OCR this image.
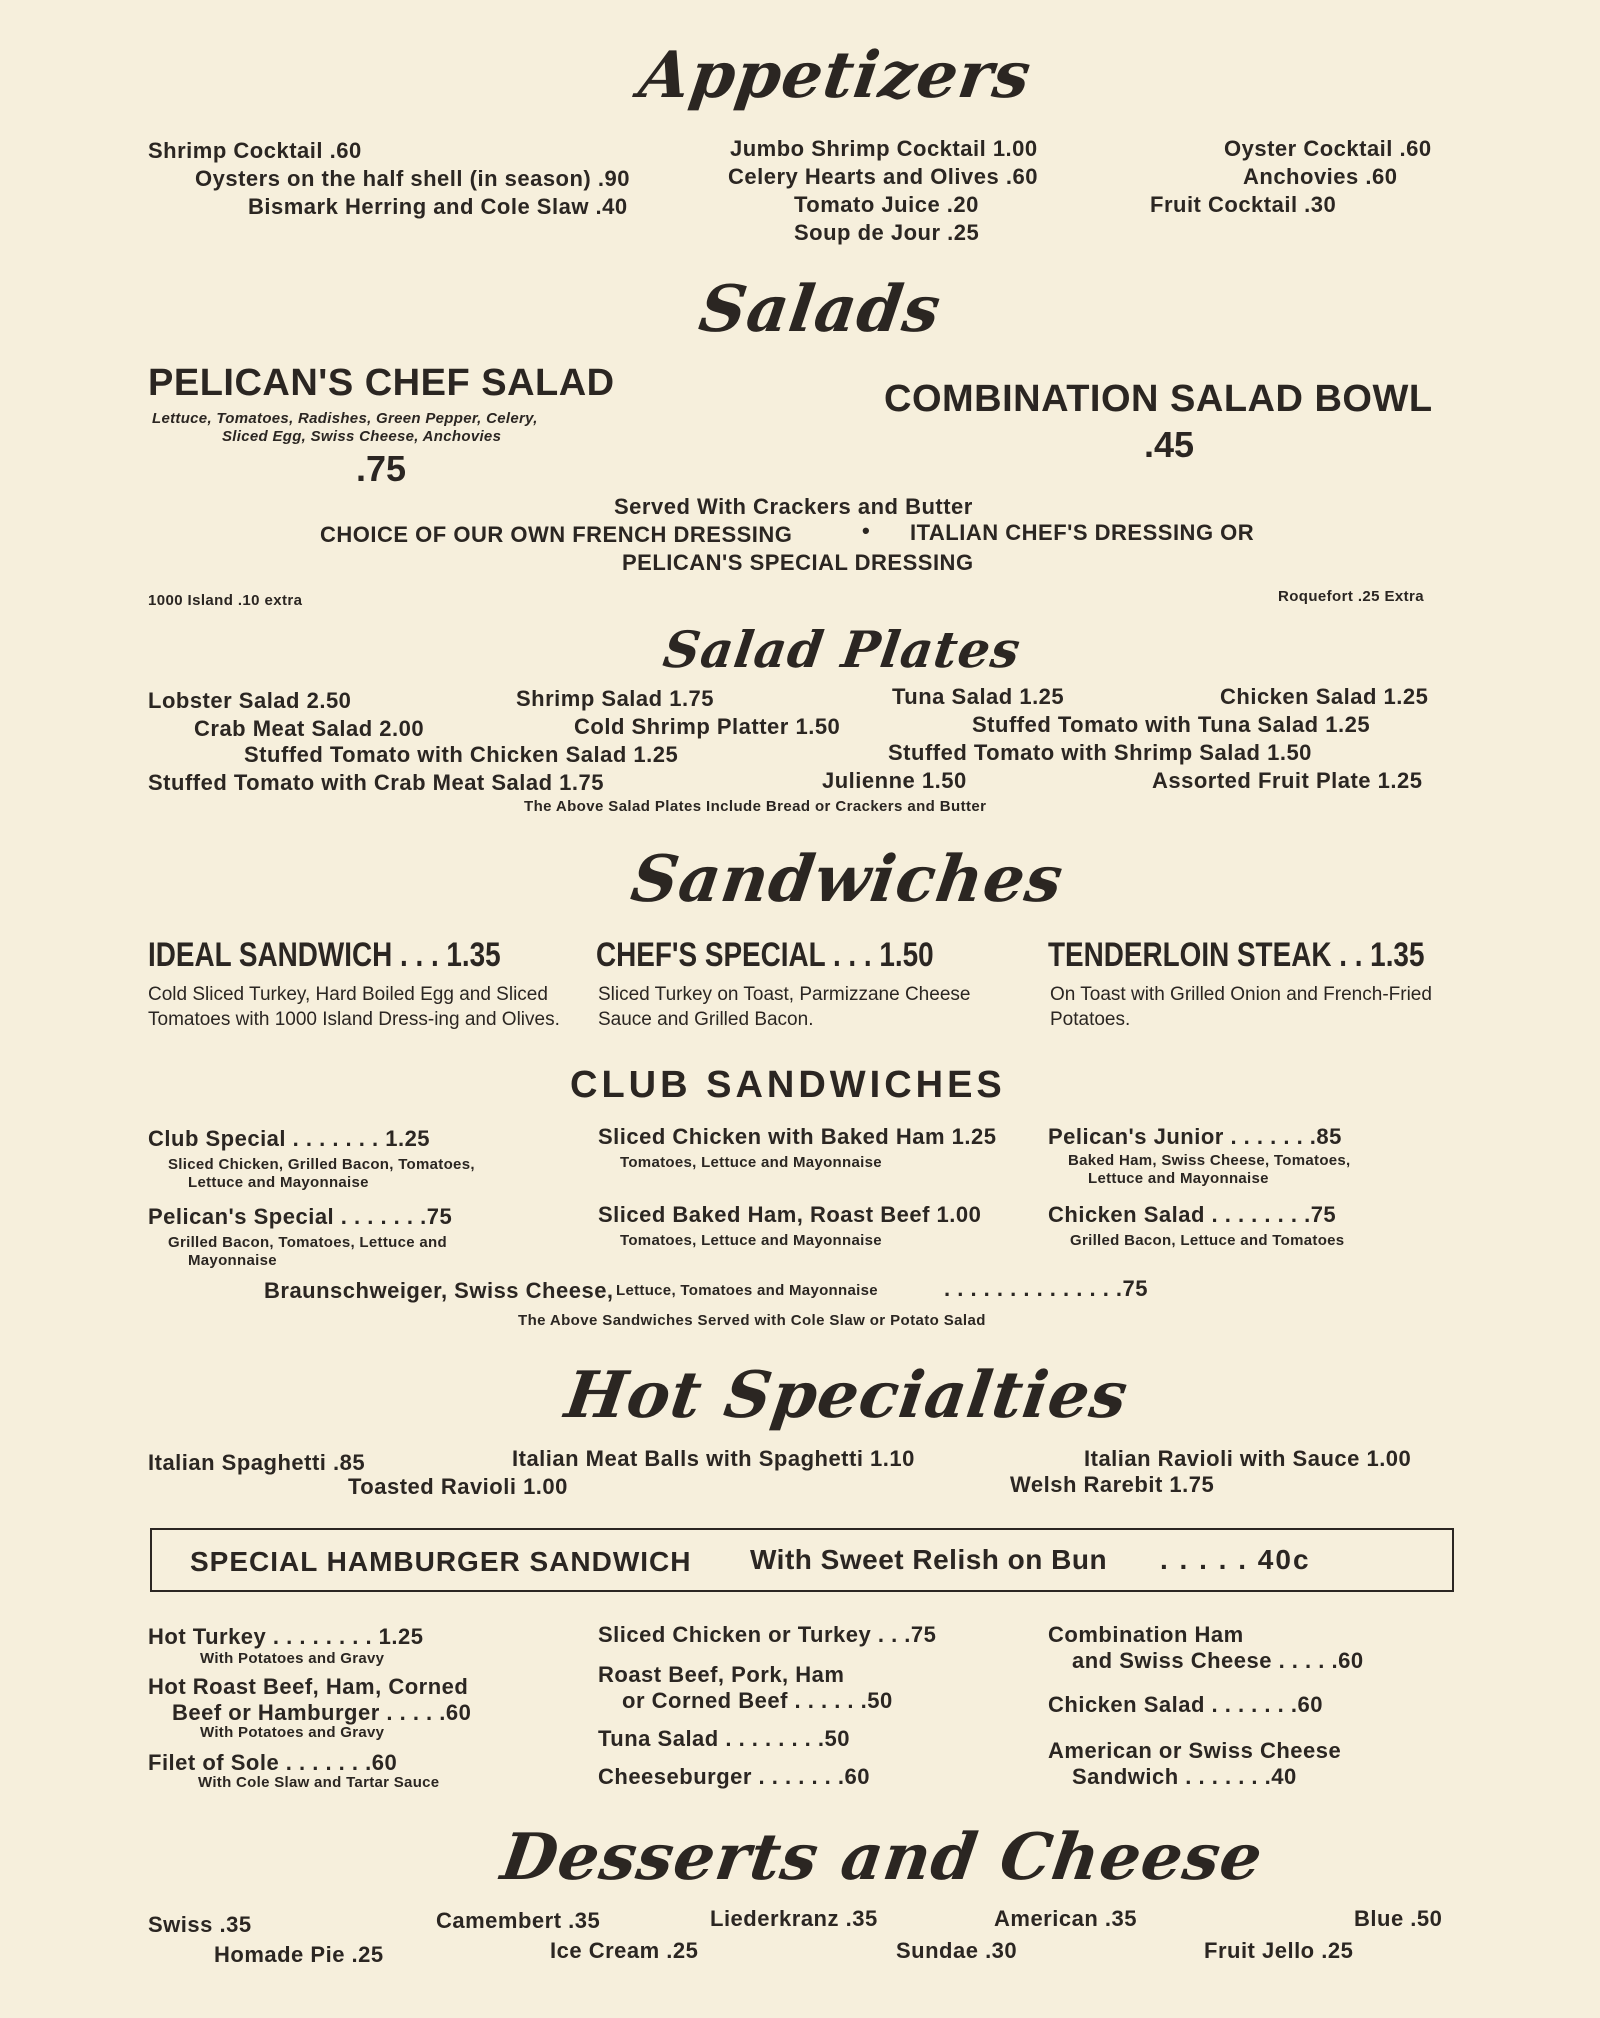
Appetizers
Shrimp Cocktail .60
Oysters on the half shell (in season) .90
Bismark Herring and Cole Slaw .40
Jumbo Shrimp Cocktail 1.00
Celery Hearts and Olives .60
Tomato Juice .20
Soup de Jour .25
Oyster Cocktail .60
Anchovies .60
Fruit Cocktail .30
Salads
PELICAN'S CHEF SALAD
Lettuce, Tomatoes, Radishes, Green Pepper, Celery,
Sliced Egg, Swiss Cheese, Anchovies
.75
COMBINATION SALAD BOWL
.45
Served With Crackers and Butter
CHOICE OF OUR OWN FRENCH DRESSING	• ITALIAN CHEF'S DRESSING OR
PELICAN'S SPECIAL DRESSING
1000 Island .10 extra	Roquefort .25 Extra
Salad Plates
Lobster Salad 2.50	Shrimp Salad 1.75	Tuna Salad 1.25	Chicken Salad 1.25
Crab Meat Salad 2.00	Cold Shrimp Platter 1.50	Stuffed Tomato with Tuna Salad 1.25
Stuffed Tomato with Chicken Salad 1.25	Stuffed Tomato with Shrimp Salad 1.50
Stuffed Tomato with Crab Meat Salad 1.75	Julienne 1.50	Assorted Fruit Plate 1.25
The Above Salad Plates Include Bread or Crackers and Butter
Sandwiches
IDEAL SANDWICH . . . 1.35
Cold Sliced Turkey, Hard Boiled Egg and Sliced Tomatoes with 1000 Island Dress-ing and Olives.
CHEF'S SPECIAL . . . 1.50
Sliced Turkey on Toast, Parmizzane Cheese Sauce and Grilled Bacon.
TENDERLOIN STEAK . . 1.35
On Toast with Grilled Onion and French-Fried Potatoes.
CLUB SANDWICHES
Club Special . . . . . . . 1.25
Sliced Chicken, Grilled Bacon, Tomatoes,
Lettuce and Mayonnaise
Sliced Chicken with Baked Ham 1.25
Tomatoes, Lettuce and Mayonnaise
Pelican's Junior . . . . . . .85
Baked Ham, Swiss Cheese, Tomatoes,
Lettuce and Mayonnaise
Pelican's Special . . . . . . .75
Grilled Bacon, Tomatoes, Lettuce and
Mayonnaise
Sliced Baked Ham, Roast Beef 1.00
Tomatoes, Lettuce and Mayonnaise
Chicken Salad . . . . . . . .75
Grilled Bacon, Lettuce and Tomatoes
Braunschweiger, Swiss Cheese, Lettuce, Tomatoes and Mayonnaise	. . . . . . . . . . . . . .75
The Above Sandwiches Served with Cole Slaw or Potato Salad
Hot Specialties
Italian Spaghetti .85	Italian Meat Balls with Spaghetti 1.10	Italian Ravioli with Sauce 1.00
Toasted Ravioli 1.00	Welsh Rarebit 1.75
SPECIAL HAMBURGER SANDWICH With Sweet Relish on Bun . . . . . 40c
Hot Turkey . . . . . . . . 1.25
With Potatoes and Gravy
Hot Roast Beef, Ham, Corned
Beef or Hamburger . . . . .60
With Potatoes and Gravy
Filet of Sole . . . . . . .60
With Cole Slaw and Tartar Sauce
Sliced Chicken or Turkey . . .75
Roast Beef, Pork, Ham
or Corned Beef . . . . . .50
Tuna Salad . . . . . . . .50
Cheeseburger . . . . . . .60
Combination Ham
and Swiss Cheese . . . . .60
Chicken Salad . . . . . . .60
American or Swiss Cheese
Sandwich . . . . . . .40
Desserts and Cheese
Swiss .35	Camembert .35	Liederkranz .35	American .35	Blue .50
Homade Pie .25	Ice Cream .25	Sundae .30	Fruit Jello .25
